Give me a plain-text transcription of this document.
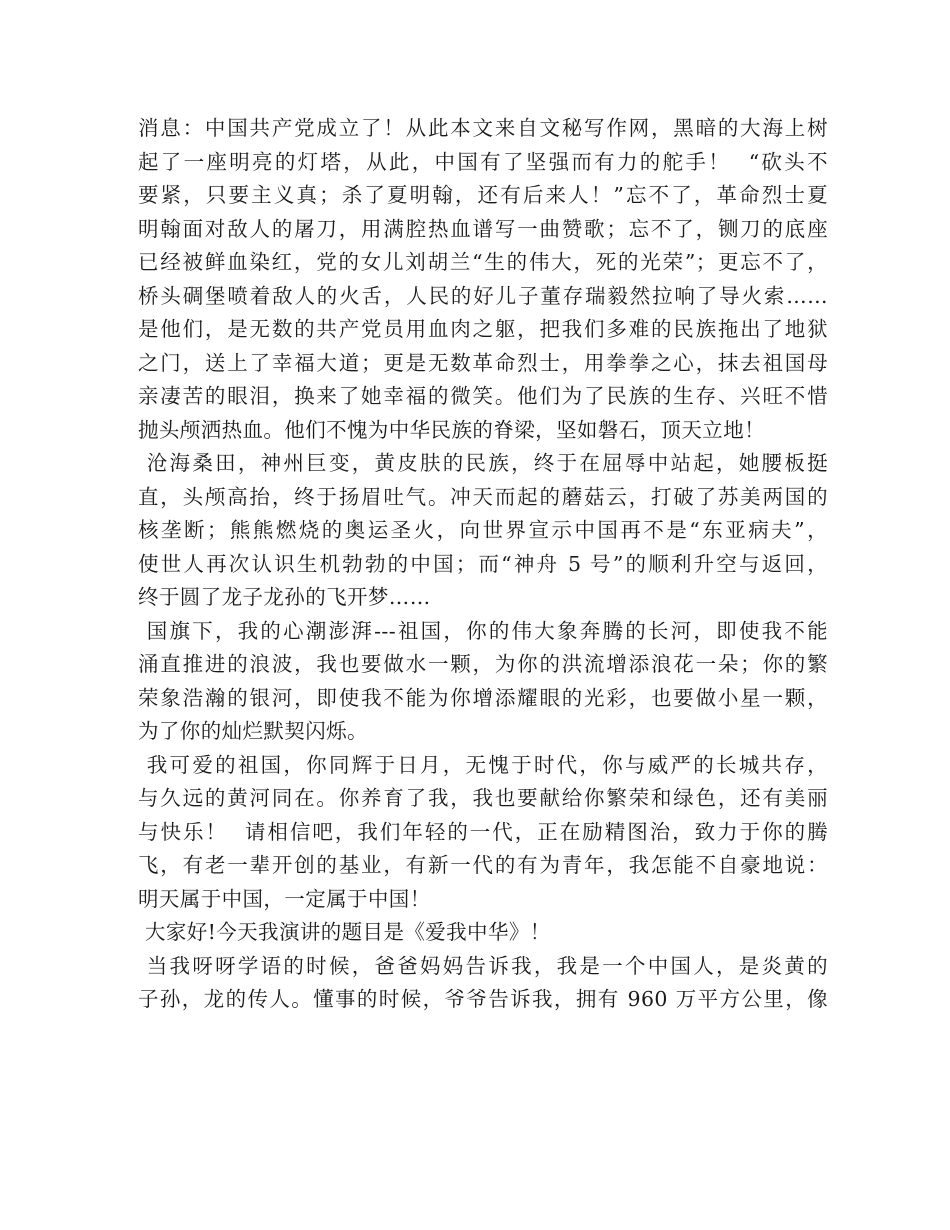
消息：中国共产党成立了！从此本文来自文秘写作网，黑暗的大海上树
起了一座明亮的灯塔，从此，中国有了坚强而有力的舵手！  “砍头不
要紧，只要主义真；杀了夏明翰，还有后来人！”忘不了，革命烈士夏
明翰面对敌人的屠刀，用满腔热血谱写一曲赞歌；忘不了，铡刀的底座
已经被鲜血染红，党的女儿刘胡兰“生的伟大，死的光荣”；更忘不了，
桥头碉堡喷着敌人的火舌，人民的好儿子董存瑞毅然拉响了导火索……
是他们，是无数的共产党员用血肉之躯，把我们多难的民族拖出了地狱
之门，送上了幸福大道；更是无数革命烈士，用拳拳之心，抹去祖国母
亲凄苦的眼泪，换来了她幸福的微笑。他们为了民族的生存、兴旺不惜
抛头颅洒热血。他们不愧为中华民族的脊梁，坚如磐石，顶天立地！
沧海桑田，神州巨变，黄皮肤的民族，终于在屈辱中站起，她腰板挺
直，头颅高抬，终于扬眉吐气。冲天而起的蘑菇云，打破了苏美两国的
核垄断；熊熊燃烧的奥运圣火，向世界宣示中国再不是“东亚病夫”，
使世人再次认识生机勃勃的中国；而“神舟 5 号”的顺利升空与返回，
终于圆了龙子龙孙的飞开梦……
国旗下，我的心潮澎湃---祖国，你的伟大象奔腾的长河，即使我不能
涌直推进的浪波，我也要做水一颗，为你的洪流增添浪花一朵；你的繁
荣象浩瀚的银河，即使我不能为你增添耀眼的光彩，也要做小星一颗，
为了你的灿烂默契闪烁。
我可爱的祖国，你同辉于日月，无愧于时代，你与威严的长城共存，
与久远的黄河同在。你养育了我，我也要献给你繁荣和绿色，还有美丽
与快乐！  请相信吧，我们年轻的一代，正在励精图治，致力于你的腾
飞，有老一辈开创的基业，有新一代的有为青年，我怎能不自豪地说：
明天属于中国，一定属于中国！
大家好!今天我演讲的题目是《爱我中华》！
当我呀呀学语的时候，爸爸妈妈告诉我，我是一个中国人，是炎黄的
子孙，龙的传人。懂事的时候，爷爷告诉我，拥有 960 万平方公里，像
